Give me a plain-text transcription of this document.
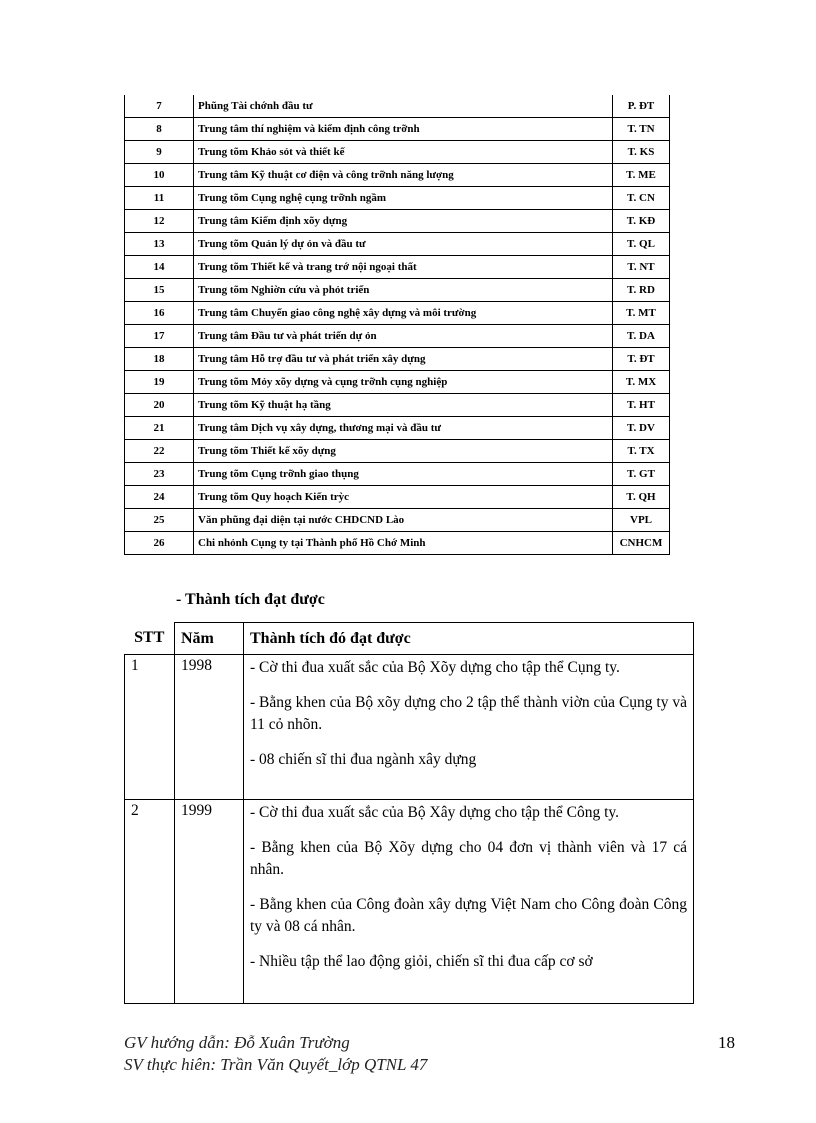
7	Phũng Tài chớnh đầu tư	P. ĐT
8	Trung tâm thí nghiệm và kiểm định công trỡnh	T. TN
9	Trung tõm Khảo sỏt và thiết kế	T. KS
10	Trung tâm Kỹ thuật cơ điện và công trỡnh năng lượng	T. ME
11	Trung tõm Cụng nghệ cụng trỡnh ngầm	T. CN
12	Trung tâm Kiểm định xõy dựng	T. KĐ
13	Trung tõm Quản lý dự ỏn và đầu tư	T. QL
14	Trung tõm Thiết kế và trang trớ nội ngoại thất	T. NT
15	Trung tõm Nghiờn cứu và phỏt triển	T. RD
16	Trung tâm Chuyển giao công nghệ xây dựng và môi trường	T. MT
17	Trung tâm Đầu tư và phát triển dự ỏn	T. DA
18	Trung tâm Hỗ trợ đầu tư và phát triển xây dựng	T. ĐT
19	Trung tõm Mỏy xõy dựng và cụng trỡnh cụng nghiệp	T. MX
20	Trung tõm Kỹ thuật hạ tầng	T. HT
21	Trung tâm Dịch vụ xây dựng, thương mại và đầu tư	T. DV
22	Trung tõm Thiết kế xõy dựng	T. TX
23	Trung tõm Cụng trỡnh giao thụng	T. GT
24	Trung tõm Quy hoạch Kiến trỳc	T. QH
25	Văn phũng đại diện tại nước CHDCND Lào	VPL
26	Chi nhỏnh Cụng ty tại Thành phố Hồ Chớ Minh	CNHCM
- Thành tích đạt được
STT	Năm	Thành tích đó đạt được
1	1998	- Cờ thi đua xuất sắc của Bộ Xõy dựng cho tập thể Cụng ty.

- Bằng khen của Bộ xõy dựng cho 2 tập thể thành viờn của Cụng ty và 11 cỏ nhõn.

- 08 chiến sĩ thi đua ngành xây dựng

2	1999	- Cờ thi đua xuất sắc của Bộ Xây dựng cho tập thể Công ty.

- Bằng khen của Bộ Xõy dựng cho 04 đơn vị thành viên và 17 cá nhân.

- Bằng khen của Công đoàn xây dựng Việt Nam cho Công đoàn Công ty và 08 cá nhân.

- Nhiều tập thể lao động giỏi, chiến sĩ thi đua cấp cơ sở

GV hướng dẫn: Đỗ Xuân Trường
SV thực hiên: Trần Văn Quyết_lớp QTNL 47
18
